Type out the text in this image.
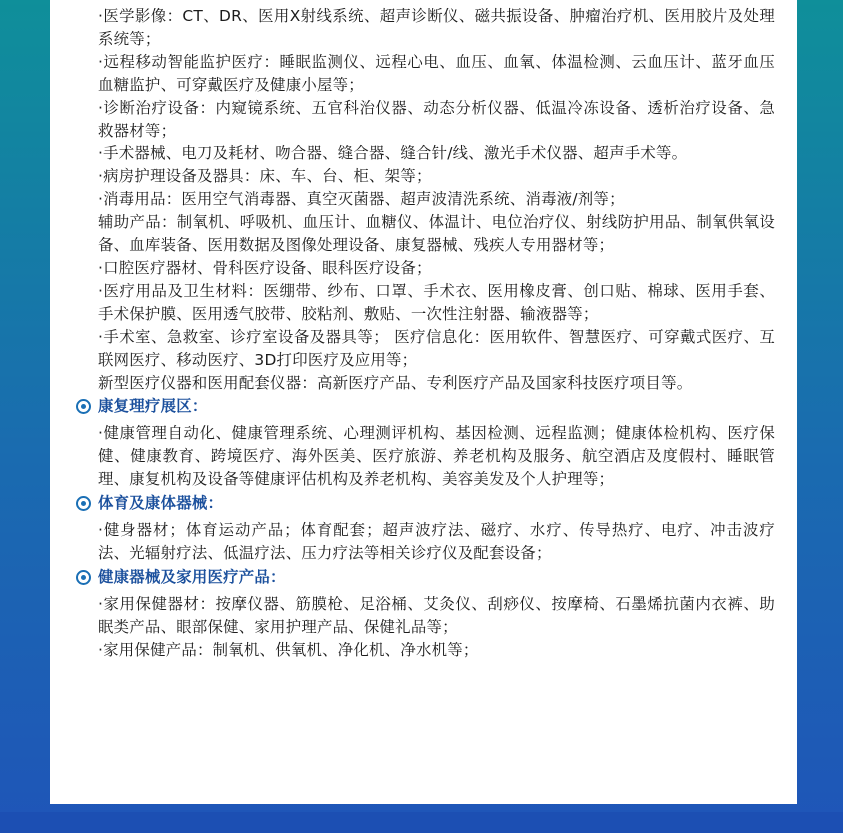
·医学影像：CT、DR、医用X射线系统、超声诊断仪、磁共振设备、肿瘤治疗机、医用胶片及处理系统等；

·远程移动智能监护医疗：睡眠监测仪、远程心电、血压、血氧、体温检测、云血压计、蓝牙血压血糖监护、可穿戴医疗及健康小屋等；

·诊断治疗设备：内窥镜系统、五官科治仪器、动态分析仪器、低温冷冻设备、透析治疗设备、急救器材等；

·手术器械、电刀及耗材、吻合器、缝合器、缝合针/线、激光手术仪器、超声手术等。

·病房护理设备及器具：床、车、台、柜、架等；

·消毒用品：医用空气消毒器、真空灭菌器、超声波清洗系统、消毒液/剂等；

辅助产品：制氧机、呼吸机、血压计、血糖仪、体温计、电位治疗仪、射线防护用品、制氧供氧设备、血库装备、医用数据及图像处理设备、康复器械、残疾人专用器材等；

·口腔医疗器材、骨科医疗设备、眼科医疗设备；

·医疗用品及卫生材料：医绷带、纱布、口罩、手术衣、医用橡皮膏、创口贴、棉球、医用手套、手术保护膜、医用透气胶带、胶粘剂、敷贴、一次性注射器、输液器等；

·手术室、急救室、诊疗室设备及器具等； 医疗信息化：医用软件、智慧医疗、可穿戴式医疗、互联网医疗、移动医疗、3D打印医疗及应用等；

新型医疗仪器和医用配套仪器：高新医疗产品、专利医疗产品及国家科技医疗项目等。

康复理疗展区：

·健康管理自动化、健康管理系统、心理测评机构、基因检测、远程监测；健康体检机构、医疗保健、健康教育、跨境医疗、海外医美、医疗旅游、养老机构及服务、航空酒店及度假村、睡眠管理、康复机构及设备等健康评估机构及养老机构、美容美发及个人护理等；

体育及康体器械：

·健身器材；体育运动产品；体育配套；超声波疗法、磁疗、水疗、传导热疗、电疗、冲击波疗法、光辐射疗法、低温疗法、压力疗法等相关诊疗仪及配套设备；

健康器械及家用医疗产品：

·家用保健器材：按摩仪器、筋膜枪、足浴桶、艾灸仪、刮痧仪、按摩椅、石墨烯抗菌内衣裤、助眠类产品、眼部保健、家用护理产品、保健礼品等；

·家用保健产品：制氧机、供氧机、净化机、净水机等；
